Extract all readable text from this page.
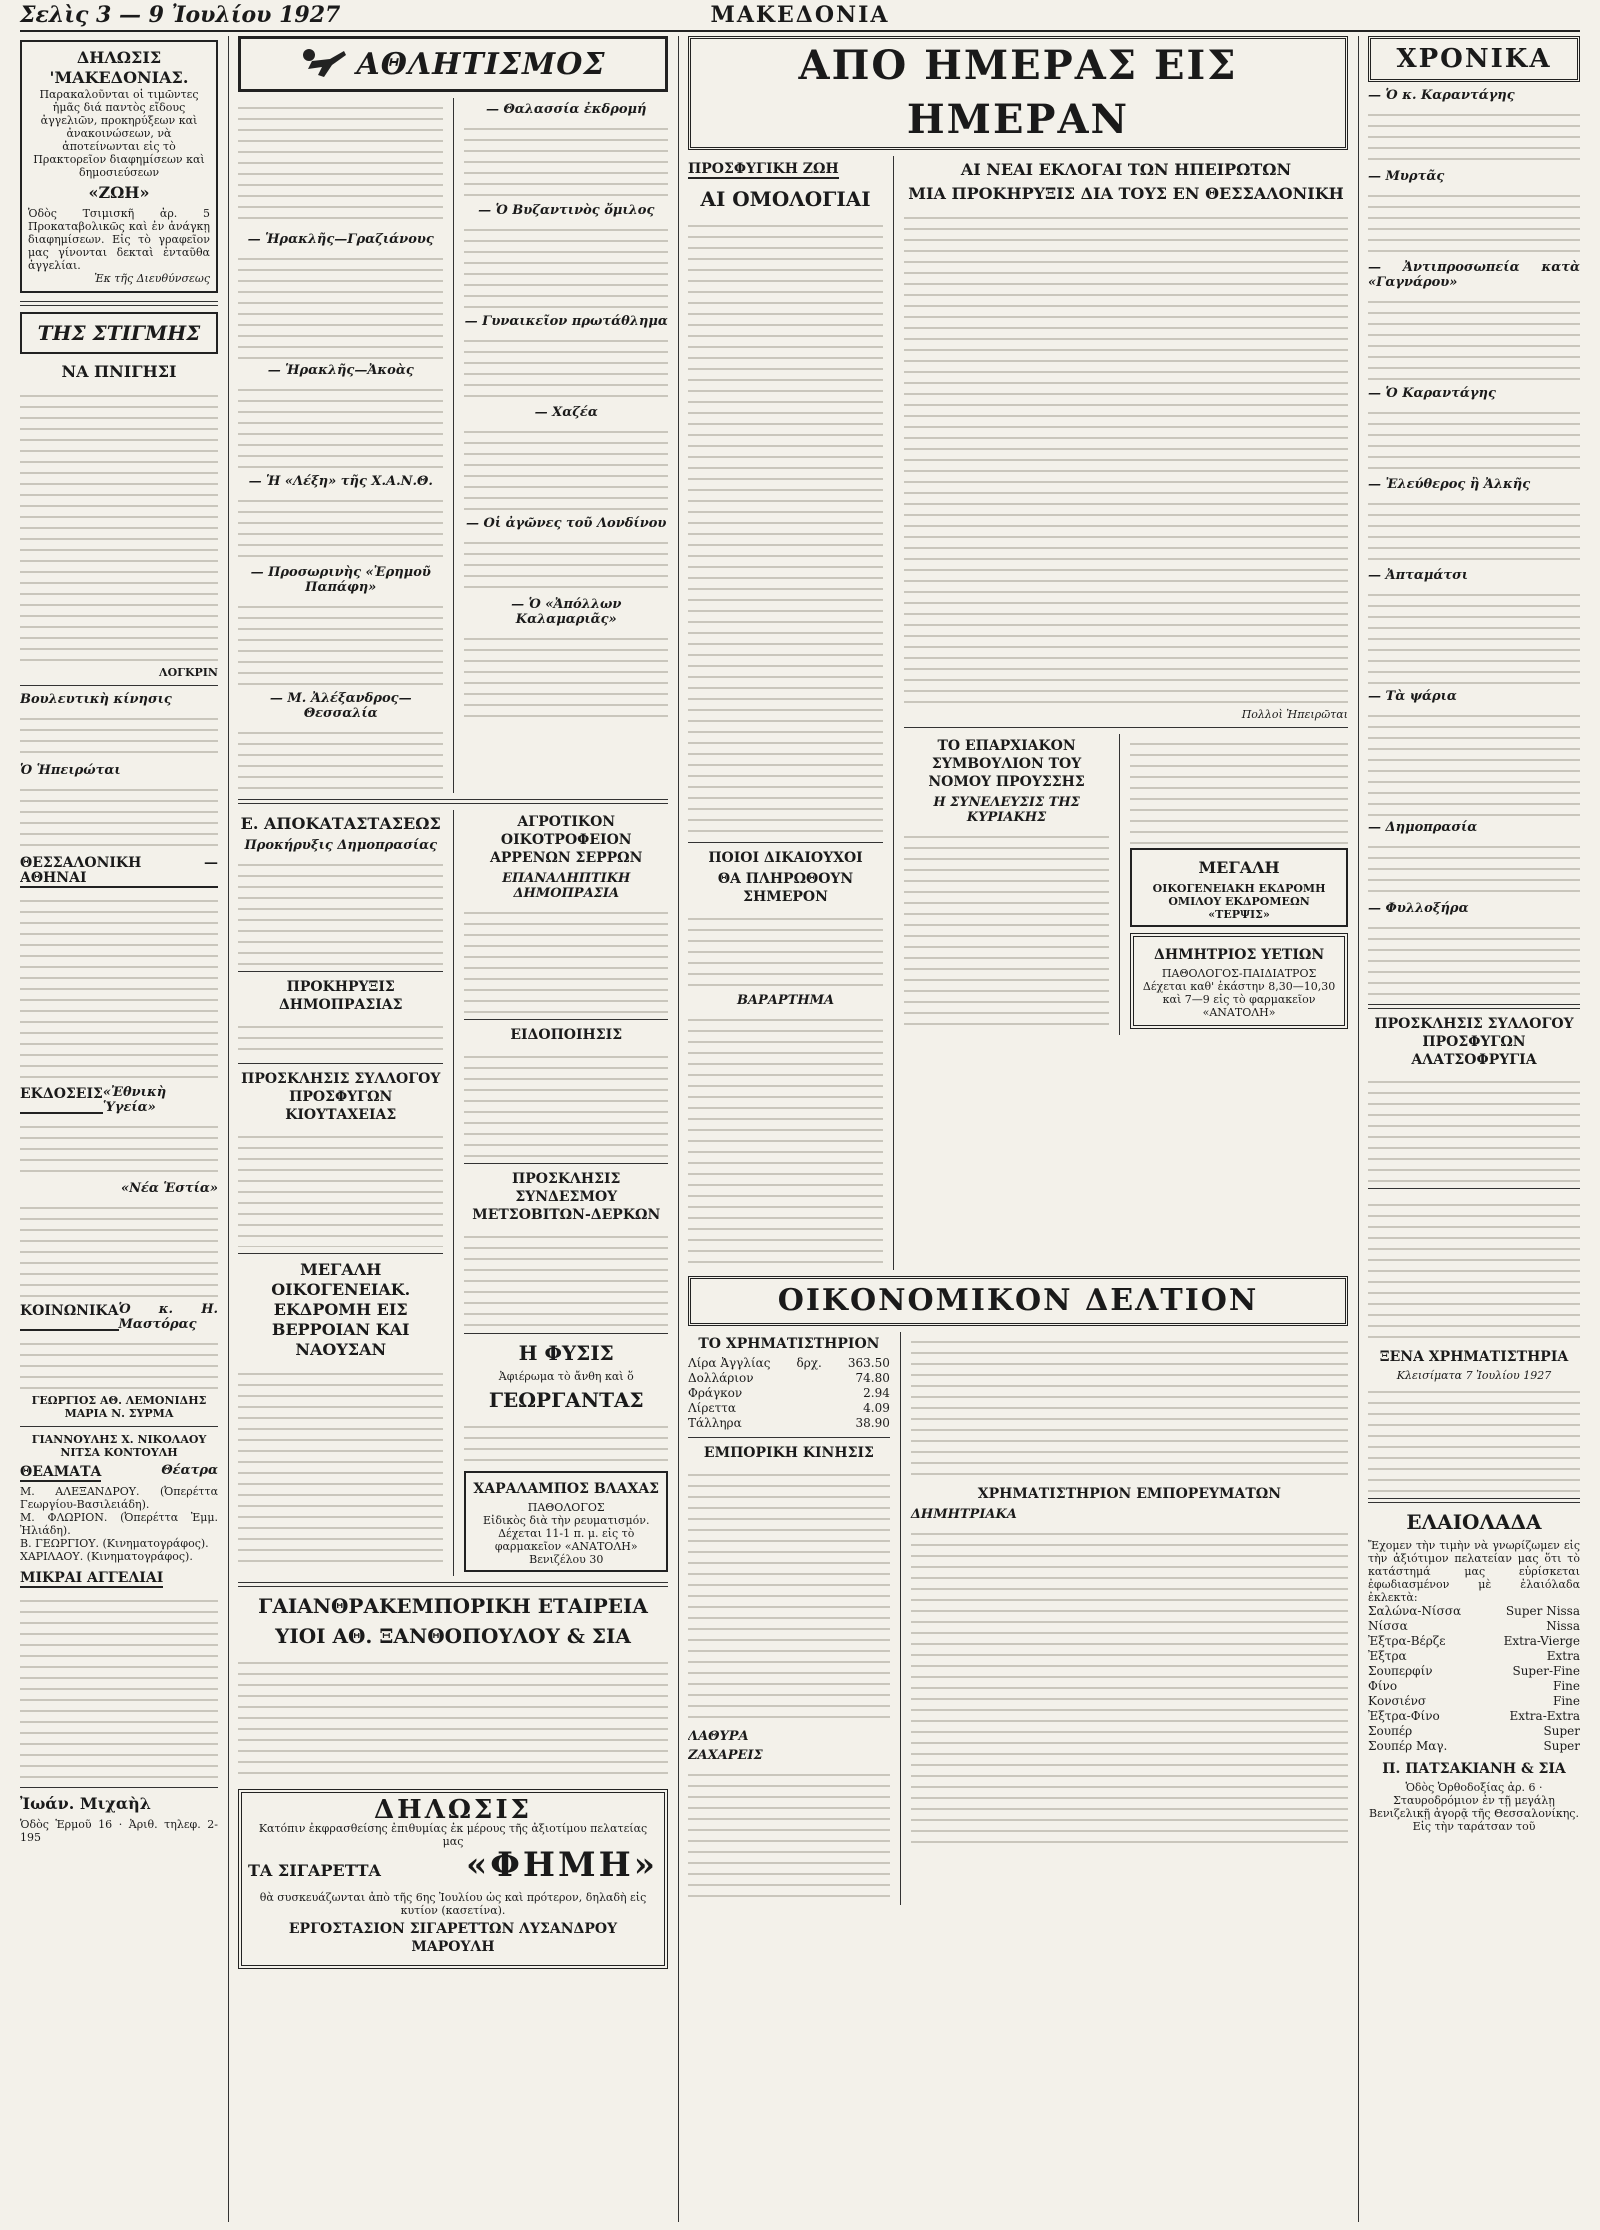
Σελὶς 3 — 9 Ἰουλίου 1927	ΜΑΚΕΔΟΝΙΑ
ΔΗΛΩΣΙΣ 'ΜΑΚΕΔΟΝΙΑΣ.
Παρακαλοῦνται οἱ τιμῶντες ἡμᾶς διά παντὸς εἴδους ἀγγελιῶν, προκηρύξεων καὶ ἀνακοινώσεων, νὰ ἀποτείνωνται εἰς τὸ Πρακτορεῖον διαφημίσεων καὶ δημοσιεύσεων
«ΖΩΗ»
Ὁδὸς Τσιμισκῆ ἀρ. 5 Προκαταβολικῶς καὶ ἐν ἀνάγκῃ διαφημίσεων. Εἰς τὸ γραφεῖον μας γίνονται δεκταὶ ἐνταῦθα ἀγγελίαι.
Ἐκ τῆς Διευθύνσεως
ΤΗΣ ΣΤΙΓΜΗΣ
ΝΑ ΠΝΙΓΗΣΙ
ΛΟΓΚΡΙΝ
Βουλευτικὴ κίνησις
Ὁ Ἡπειρώται
ΘΕΣΣΑΛΟΝΙΚΗ — ΑΘΗΝΑΙ
ΕΚΔΟΣΕΙΣ «Ἐθνικὴ Ὑγεία»
«Νέα Ἑστία»
ΚΟΙΝΩΝΙΚΑ Ὁ κ. Η. Μαστόρας
ΓΕΩΡΓΙΟΣ ΑΘ. ΛΕΜΟΝΙΔΗΣ
ΜΑΡΙΑ Ν. ΣΥΡΜΑ
ΓΙΑΝΝΟΥΛΗΣ Χ. ΝΙΚΟΛΑΟΥ
ΝΙΤΣΑ ΚΟΝΤΟΥΛΗ
ΘΕΑΜΑΤΑ	Θέατρα
Μ. ΑΛΕΞΑΝΔΡΟΥ. (Ὀπερέττα Γεωργίου-Βασιλειάδη).
Μ. ΦΛΩΡΙΟΝ. (Ὀπερέττα Ἐμμ. Ἠλιάδη).
Β. ΓΕΩΡΓΙΟΥ. (Κινηματογράφος).
ΧΑΡΙΛΑΟΥ. (Κινηματογράφος).
ΜΙΚΡΑΙ ΑΓΓΕΛΙΑΙ
Ἰωάν. Μιχαὴλ
Ὁδὸς Ἑρμοῦ 16 · Ἀριθ. τηλεφ. 2-195
ΑΘΛΗΤΙΣΜΟΣ
— Ἡρακλῆς—Γραζιάνους
— Ἡρακλῆς—Ἀκοὰς
— Ἡ «Λέξη» τῆς Χ.Α.Ν.Θ.
— Προσωρινὴς «Ἐρημοῦ Παπάφη»
— Μ. Ἀλέξανδρος—Θεσσαλία
— Θαλασσία ἐκδρομή
— Ὁ Βυζαντινὸς ὄμιλος
— Γυναικεῖον πρωτάθλημα
— Χαζέα
— Οἱ ἀγῶνες τοῦ Λονδίνου
— Ὁ «Ἀπόλλων Καλαμαριᾶς»
Ε. ΑΠΟΚΑΤΑΣΤΑΣΕΩΣ
Προκήρυξις Δημοπρασίας
ΠΡΟΚΗΡΥΞΙΣ ΔΗΜΟΠΡΑΣΙΑΣ
ΠΡΟΣΚΛΗΣΙΣ ΣΥΛΛΟΓΟΥ ΠΡΟΣΦΥΓΩΝ ΚΙΟΥΤΑΧΕΙΑΣ
ΜΕΓΑΛΗ ΟΙΚΟΓΕΝΕΙΑΚ. ΕΚΔΡΟΜΗ ΕΙΣ ΒΕΡΡΟΙΑΝ ΚΑΙ ΝΑΟΥΣΑΝ
ΑΓΡΟΤΙΚΟΝ ΟΙΚΟΤΡΟΦΕΙΟΝ ΑΡΡΕΝΩΝ ΣΕΡΡΩΝ
ΕΠΑΝΑΛΗΠΤΙΚΗ ΔΗΜΟΠΡΑΣΙΑ
ΕΙΔΟΠΟΙΗΣΙΣ
ΠΡΟΣΚΛΗΣΙΣ ΣΥΝΔΕΣΜΟΥ ΜΕΤΣΟΒΙΤΩΝ-ΔΕΡΚΩΝ
Η ΦΥΣΙΣ
Ἀφιέρωμα τὸ ἄνθη καὶ ὅ
ΓΕΩΡΓΑΝΤΑΣ
ΧΑΡΑΛΑΜΠΟΣ ΒΛΑΧΑΣ
ΠΑΘΟΛΟΓΟΣ
Εἰδικὸς διὰ τὴν ρευματισμόν. Δέχεται 11-1 π. μ. εἰς τὸ φαρμακεῖον «ΑΝΑΤΟΛΗ» Βενιζέλου 30
ΓΑΙΑΝΘΡΑΚΕΜΠΟΡΙΚΗ ΕΤΑΙΡΕΙΑ
ΥΙΟΙ ΑΘ. ΞΑΝΘΟΠΟΥΛΟΥ & ΣΙΑ
ΔΗΛΩΣΙΣ
Κατόπιν ἐκφρασθείσης ἐπιθυμίας ἐκ μέρους τῆς ἀξιοτίμου πελατείας μας
ΤΑ ΣΙΓΑΡΕΤΤΑ	«ΦΗΜΗ»
θὰ συσκευάζωνται ἀπὸ τῆς 6ης Ἰουλίου ὡς καὶ πρότερον, δηλαδὴ εἰς κυτίον (κασετίνα).
ΕΡΓΟΣΤΑΣΙΟΝ ΣΙΓΑΡΕΤΤΩΝ ΛΥΣΑΝΔΡΟΥ ΜΑΡΟΥΛΗ
ΑΠΟ ΗΜΕΡΑΣ ΕΙΣ ΗΜΕΡΑΝ
ΠΡΟΣΦΥΓΙΚΗ ΖΩΗ
ΑΙ ΟΜΟΛΟΓΙΑΙ
ΠΟΙΟΙ ΔΙΚΑΙΟΥΧΟΙ
ΘΑ ΠΛΗΡΩΘΟΥΝ ΣΗΜΕΡΟΝ
ΒΑΡΑΡΤΗΜΑ
ΑΙ ΝΕΑΙ ΕΚΛΟΓΑΙ ΤΩΝ ΗΠΕΙΡΩΤΩΝ
ΜΙΑ ΠΡΟΚΗΡΥΞΙΣ ΔΙΑ ΤΟΥΣ ΕΝ ΘΕΣΣΑΛΟΝΙΚΗ
Πολλοὶ Ἠπειρῶται
ΤΟ ΕΠΑΡΧΙΑΚΟΝ ΣΥΜΒΟΥΛΙΟΝ ΤΟΥ ΝΟΜΟΥ ΠΡΟΥΣΣΗΣ
Η ΣΥΝΕΛΕΥΣΙΣ ΤΗΣ ΚΥΡΙΑΚΗΣ
ΜΕΓΑΛΗ
ΟΙΚΟΓΕΝΕΙΑΚΗ ΕΚΔΡΟΜΗ ΟΜΙΛΟΥ ΕΚΔΡΟΜΕΩΝ «ΤΕΡΨΙΣ»
ΔΗΜΗΤΡΙΟΣ ΥΕΤΙΩΝ
ΠΑΘΟΛΟΓΟΣ-ΠΑΙΔΙΑΤΡΟΣ
Δέχεται καθ' ἑκάστην 8,30—10,30 καὶ 7—9 εἰς τὸ φαρμακεῖον «ΑΝΑΤΟΛΗ»
ΟΙΚΟΝΟΜΙΚΟΝ ΔΕΛΤΙΟΝ
ΤΟ ΧΡΗΜΑΤΙΣΤΗΡΙΟΝ
Λίρα Ἀγγλίας δρχ. 363.50
Δολλάριον	74.80
Φράγκον	2.94
Λίρεττα	4.09
Τάλληρα	38.90
ΕΜΠΟΡΙΚΗ ΚΙΝΗΣΙΣ
ΛΑΘΥΡΑ
ΖΑΧΑΡΕΙΣ
ΧΡΗΜΑΤΙΣΤΗΡΙΟΝ ΕΜΠΟΡΕΥΜΑΤΩΝ
ΔΗΜΗΤΡΙΑΚΑ
ΧΡΟΝΙΚΑ
— Ὁ κ. Καραντάγης
— Μυρτᾶς
— Ἀντιπροσωπεία κατὰ «Γαγνάρου»
— Ὁ Καραντάγης
— Ἐλεύθερος ἢ Ἀλκῆς
— Ἀπταμάτσι
— Τὰ ψάρια
— Δημοπρασία
— Φυλλοξήρα
ΠΡΟΣΚΛΗΣΙΣ ΣΥΛΛΟΓΟΥ ΠΡΟΣΦΥΓΩΝ ΑΛΑΤΣΟΦΡΥΓΙΑ
ΞΕΝΑ ΧΡΗΜΑΤΙΣΤΗΡΙΑ
Κλεισίματα 7 Ἰουλίου 1927
ΕΛΑΙΟΛΑΔΑ
Ἔχομεν τὴν τιμὴν νὰ γνωρίζωμεν εἰς τὴν ἀξιότιμον πελατείαν μας ὅτι τὸ κατάστημά μας εὑρίσκεται ἐφωδιασμένον μὲ ἐλαιόλαδα ἐκλεκτὰ:
Σαλώνα-Νίσσα	Super Nissa
Νίσσα	Nissa
Ἐξτρα-Βέρζε	Extra-Vierge
Ἐξτρα	Extra
Σουπερφίν	Super-Fine
Φίνο	Fine
Κονσιένσ	Fine
Ἐξτρα-Φίνο	Extra-Extra
Σουπέρ	Super
Σουπέρ Μαγ.	Super
Π. ΠΑΤΣΑΚΙΑΝΗ & ΣΙΑ
Ὁδὸς Ὁρθοδοξίας ἀρ. 6 · Σταυροδρόμιον ἐν τῇ μεγάλῃ Βενιζελικῇ ἀγορᾷ τῆς Θεσσαλονίκης. Εἰς τὴν ταράτσαν τοῦ
